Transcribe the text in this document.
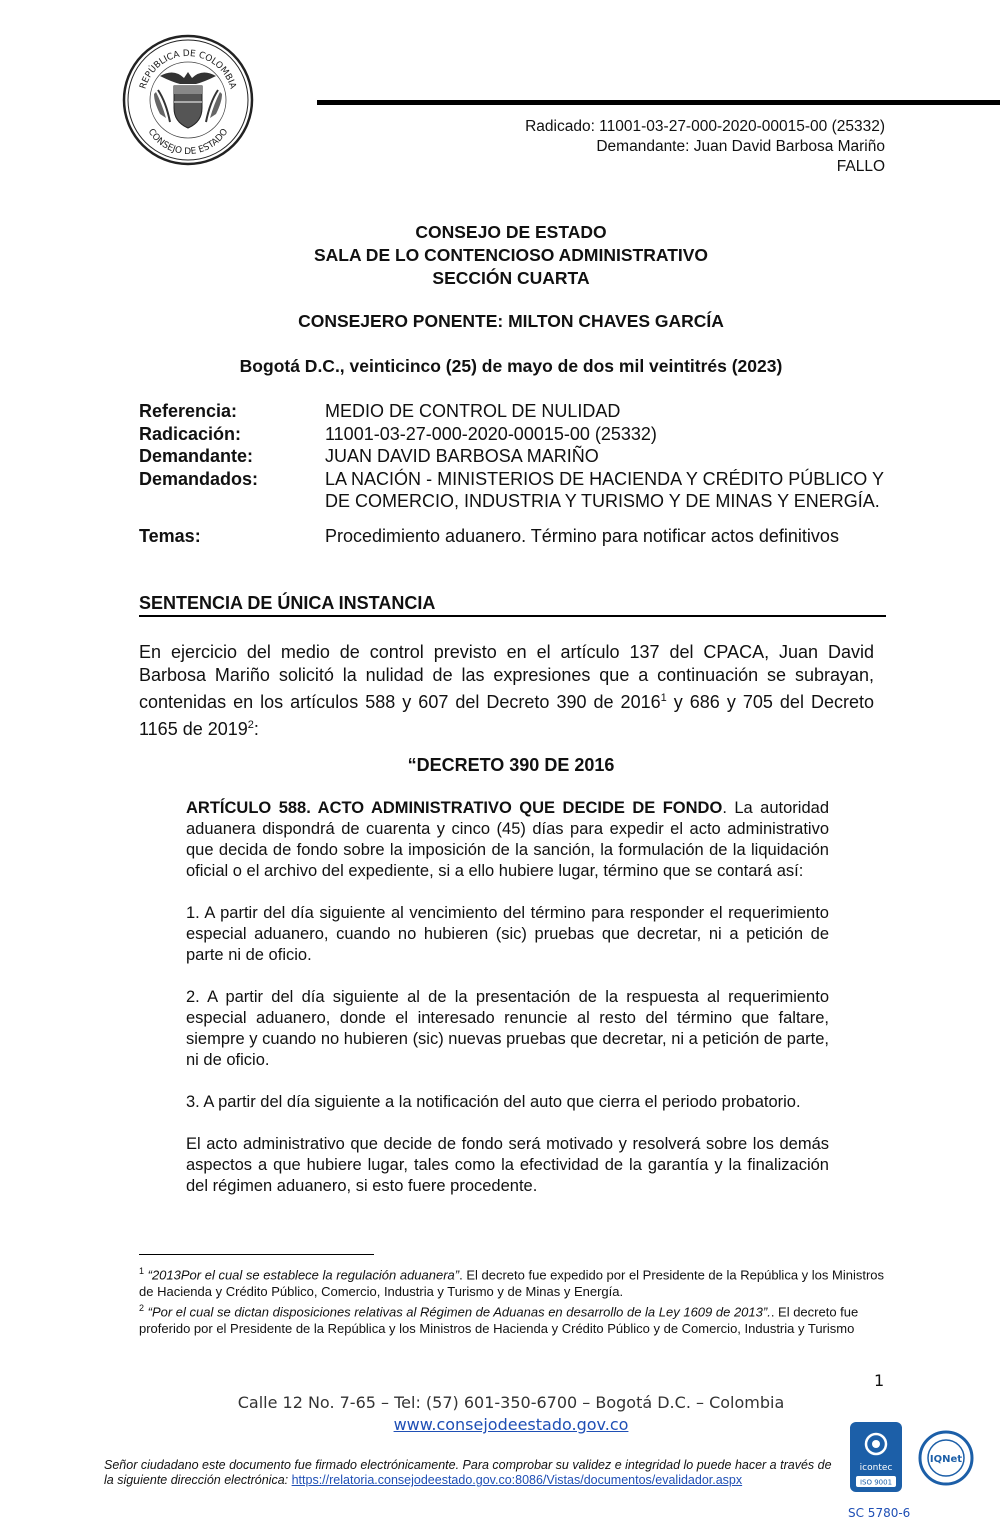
REPÚBLICA DE COLOMBIA
CONSEJO DE ESTADO	Radicado: 11001-03-27-000-2020-00015-00 (25332)
Demandante: Juan David Barbosa Mariño
FALLO
CONSEJO DE ESTADO
SALA DE LO CONTENCIOSO ADMINISTRATIVO
SECCIÓN CUARTA
CONSEJERO PONENTE: MILTON CHAVES GARCÍA
Bogotá D.C., veinticinco (25) de mayo de dos mil veintitrés (2023)
Referencia:	MEDIO DE CONTROL DE NULIDAD
Radicación:	11001-03-27-000-2020-00015-00 (25332)
Demandante:	JUAN DAVID BARBOSA MARIÑO
Demandados:	LA NACIÓN - MINISTERIOS DE HACIENDA Y CRÉDITO PÚBLICO Y DE COMERCIO, INDUSTRIA Y TURISMO Y DE MINAS Y ENERGÍA.
Temas:	Procedimiento aduanero. Término para notificar actos definitivos
SENTENCIA DE ÚNICA INSTANCIA
En ejercicio del medio de control previsto en el artículo 137 del CPACA, Juan David Barbosa Mariño solicitó la nulidad de las expresiones que a continuación se subrayan, contenidas en los artículos 588 y 607 del Decreto 390 de 2016$^1$ y 686 y 705 del Decreto 1165 de 2019$^2$:
“DECRETO 390 DE 2016

ARTÍCULO 588. ACTO ADMINISTRATIVO QUE DECIDE DE FONDO. La autoridad aduanera dispondrá de cuarenta y cinco (45) días para expedir el acto administrativo que decida de fondo sobre la imposición de la sanción, la formulación de la liquidación oficial o el archivo del expediente, si a ello hubiere lugar, término que se contará así:

1. A partir del día siguiente al vencimiento del término para responder el requerimiento especial aduanero, cuando no hubieren (sic) pruebas que decretar, ni a petición de parte ni de oficio.

2. A partir del día siguiente al de la presentación de la respuesta al requerimiento especial aduanero, donde el interesado renuncie al resto del término que faltare, siempre y cuando no hubieren (sic) nuevas pruebas que decretar, ni a petición de parte, ni de oficio.

3. A partir del día siguiente a la notificación del auto que cierra el periodo probatorio.

El acto administrativo que decide de fondo será motivado y resolverá sobre los demás aspectos a que hubiere lugar, tales como la efectividad de la garantía y la finalización del régimen aduanero, si esto fuere procedente.

$^1$ “2013Por el cual se establece la regulación aduanera”. El decreto fue expedido por el Presidente de la República y los Ministros de Hacienda y Crédito Público, Comercio, Industria y Turismo y de Minas y Energía.

$^2$ “Por el cual se dictan disposiciones relativas al Régimen de Aduanas en desarrollo de la Ley 1609 de 2013”.. El decreto fue proferido por el Presidente de la República y los Ministros de Hacienda y Crédito Público y de Comercio, Industria y Turismo

1
Calle 12 No. 7-65 – Tel: (57) 601-350-6700 – Bogotá D.C. – Colombia
www.consejodeestado.gov.co
Señor ciudadano este documento fue firmado electrónicamente. Para comprobar su validez e integridad lo puede hacer a través de la siguiente dirección electrónica: https://relatoria.consejodeestado.gov.co:8086/Vistas/documentos/evalidador.aspx
icontec
ISO 9001
IQNet
SC 5780-6
